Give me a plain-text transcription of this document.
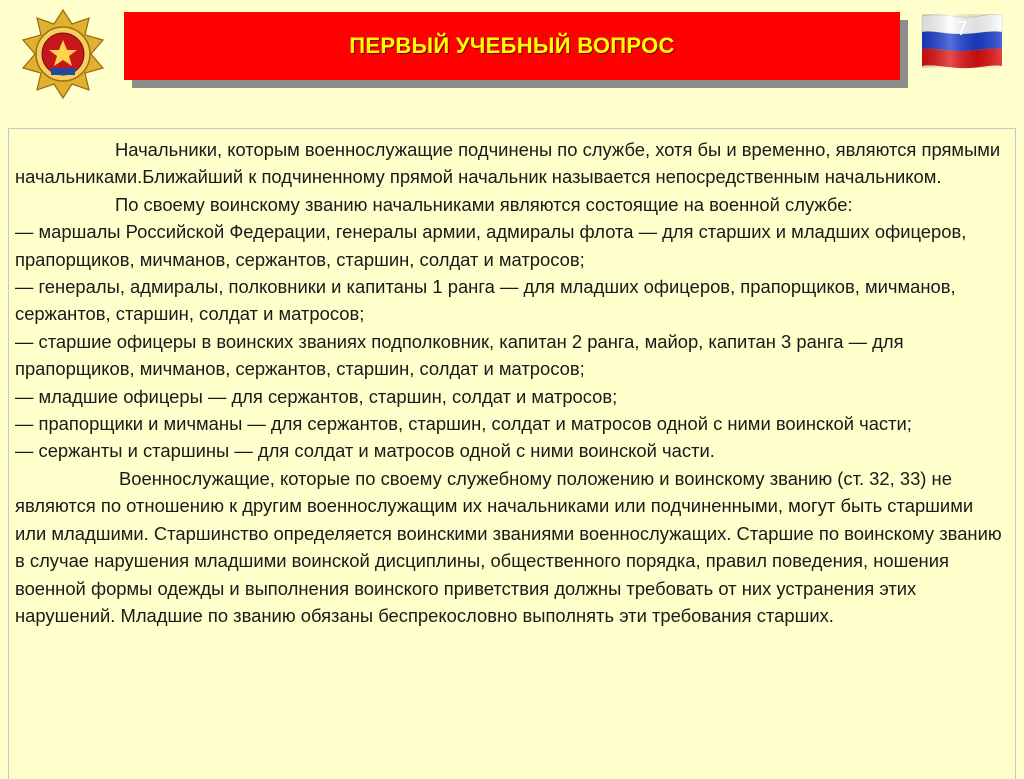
ПЕРВЫЙ УЧЕБНЫЙ ВОПРОС
7

Начальники, которым военнослужащие подчинены по службе, хотя бы и временно, являются прямыми начальниками.Ближайший к подчиненному прямой начальник называется непосредственным начальником.

По своему воинскому званию начальниками являются состоящие на военной службе:

— маршалы Российской Федерации, генералы армии, адмиралы флота — для старших и младших офицеров, прапорщиков, мичманов, сержантов, старшин, солдат и матросов;

— генералы, адмиралы, полковники и капитаны 1 ранга — для младших офицеров, прапорщиков, мичманов, сержантов, старшин, солдат и матросов;

— старшие офицеры в воинских званиях подполковник, капитан 2 ранга, майор, капитан 3 ранга — для прапорщиков, мичманов, сержантов, старшин, солдат и матросов;

— младшие офицеры — для сержантов, старшин, солдат и матросов;

— прапорщики и мичманы — для сержантов, старшин, солдат и матросов одной с ними воинской части;

— сержанты и старшины — для солдат и матросов одной с ними воинской части.

Военнослужащие, которые по своему служебному положению и воинскому званию (ст. 32, 33) не являются по отношению к другим военнослужащим их начальниками или подчиненными, могут быть старшими или младшими. Старшинство определяется воинскими званиями военнослужащих. Старшие по воинскому званию в случае нарушения младшими воинской дисциплины, общественного порядка, правил поведения, ношения военной формы одежды и выполнения воинского приветствия должны требовать от них устранения этих нарушений. Младшие по званию обязаны беспрекословно выполнять эти требования старших.
